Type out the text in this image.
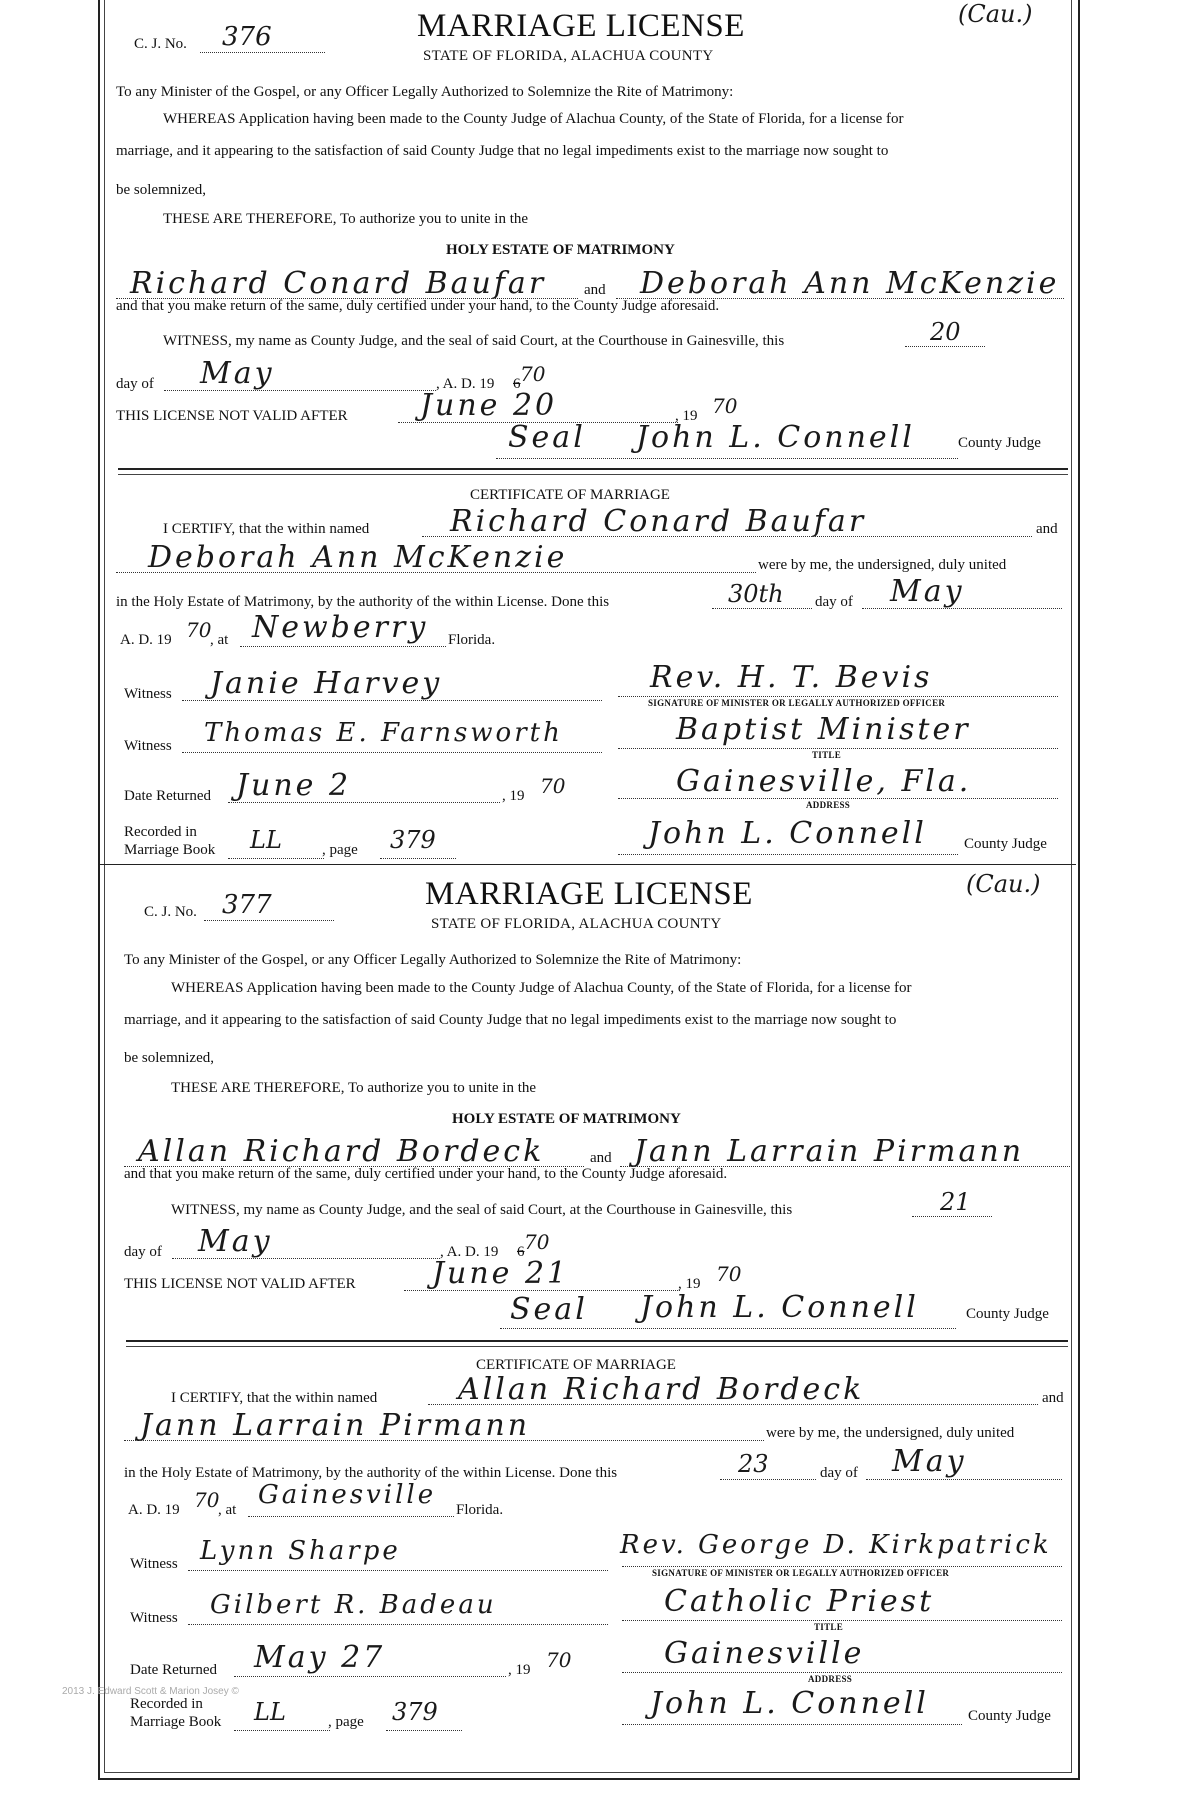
C. J. No. 376
(Cau.)
MARRIAGE LICENSE
STATE OF FLORIDA, ALACHUA COUNTY
To any Minister of the Gospel, or any Officer Legally Authorized to Solemnize the Rite of Matrimony:
WHEREAS Application having been made to the County Judge of Alachua County, of the State of Florida, for a license for
marriage, and it appearing to the satisfaction of said County Judge that no legal impediments exist to the marriage now sought to
be solemnized,
THESE ARE THEREFORE, To authorize you to unite in the
HOLY ESTATE OF MATRIMONY
Richard Conard Baufar	and Deborah Ann McKenzie
and that you make return of the same, duly certified under your hand, to the County Judge aforesaid.
WITNESS, my name as County Judge, and the seal of said Court, at the Courthouse in Gainesville, this	20
day of May	, A. D. 19 6 70
THIS LICENSE NOT VALID AFTER June 20	, 19 70
Seal John L. Connell	County Judge
CERTIFICATE OF MARRIAGE
I CERTIFY, that the within named	Richard Conard Baufar	and
Deborah Ann McKenzie	were by me, the undersigned, duly united
in the Holy Estate of Matrimony, by the authority of the within License. Done this	30th day of May
A. D. 19 70
, at Newberry Florida.
Witness Janie Harvey	Rev. H. T. Bevis
SIGNATURE OF MINISTER OR LEGALLY AUTHORIZED OFFICER
Witness Thomas E. Farnsworth	Baptist Minister
TITLE
Date Returned June 2	, 19 70	Gainesville, Fla.
ADDRESS
Recorded in
Marriage Book LL	, page 379	John L. Connell County Judge
C. J. No. 377
(Cau.)
MARRIAGE LICENSE
STATE OF FLORIDA, ALACHUA COUNTY
To any Minister of the Gospel, or any Officer Legally Authorized to Solemnize the Rite of Matrimony:
WHEREAS Application having been made to the County Judge of Alachua County, of the State of Florida, for a license for
marriage, and it appearing to the satisfaction of said County Judge that no legal impediments exist to the marriage now sought to
be solemnized,
THESE ARE THEREFORE, To authorize you to unite in the
HOLY ESTATE OF MATRIMONY
Allan Richard Bordeck	and Jann Larrain Pirmann
and that you make return of the same, duly certified under your hand, to the County Judge aforesaid.
WITNESS, my name as County Judge, and the seal of said Court, at the Courthouse in Gainesville, this	21
day of May	, A. D. 19 6 70
THIS LICENSE NOT VALID AFTER	June 21	, 19 70
Seal John L. Connell	County Judge
CERTIFICATE OF MARRIAGE
I CERTIFY, that the within named	Allan Richard Bordeck	and
Jann Larrain Pirmann	were by me, the undersigned, duly united
in the Holy Estate of Matrimony, by the authority of the within License. Done this	23	day of May
A. D. 19 70
, at Gainesville Florida.
Witness Lynn Sharpe	Rev. George D. Kirkpatrick
SIGNATURE OF MINISTER OR LEGALLY AUTHORIZED OFFICER
Witness Gilbert R. Badeau	Catholic Priest
TITLE
Date Returned May 27	, 19 70	Gainesville
ADDRESS
Recorded in
Marriage Book LL	, page 379	John L. Connell	County Judge
2013 J. Edward Scott & Marion Josey ©
